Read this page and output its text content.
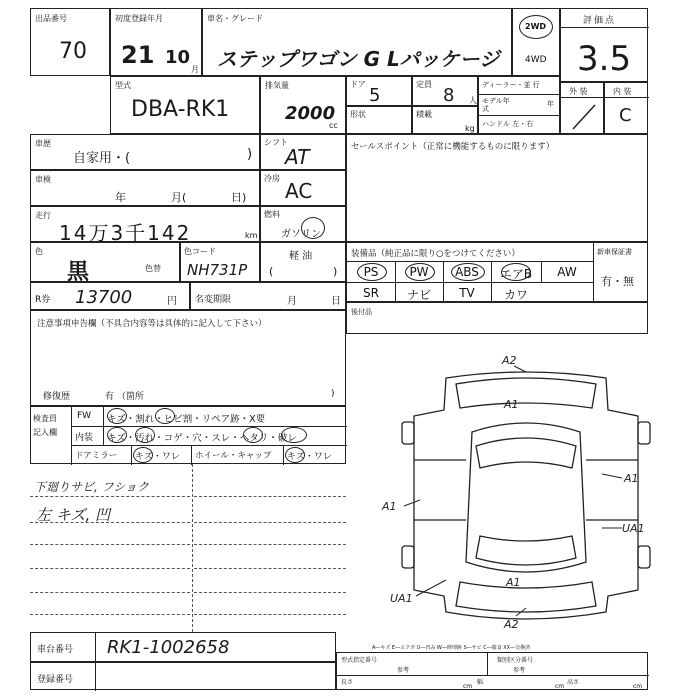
出品番号
70
初度登録年月
21 10
月
車名・グレード
ステップワゴン G Lパッケージ
2WD
4WD
評価点
3.5
型式
DBA-RK1
排気量
2000
cc
ドア
5
定員
8 人
形状	積載
kg
ディーラー・並 行
モデル年式
年
ハンドル 左・右
外 装	内 装
C
車歴
自家用・(	)
シフト
AT
車検
年	月(	日)
冷房
AC
走行
14万3千142	km
燃料
ガソリン
色
黒	色替
色コード
NH731P
軽 油
(	)
R券 13700	円 名変期限	月	日
注意事項申告欄（不具合内容等は具体的に記入して下さい）
修復歴	有 （箇所	)
セールスポイント（正常に機能するものに限ります）
装備品（純正品に限り○をつけてください）	新車保証書
有・無
PS	PW	ABS	エアB	AW
SR	ナビ	TV	カワ
後付品
検査員
記入欄
FW キズ・割れ・ヒビ割・リペア跡・X要
内装 キズ・汚れ・コゲ・穴・スレ・ヘタリ・破レ
ドアミラー キズ・ワレ ホイール・キャップ キズ・ワレ
下廻りサビ, フショク
左 キズ, 凹
A2
A1
A1
UA1
A1
UA1
A1
A2
車台番号 RK1-1002658
登録番号
A―キズ E―エクボ U―凹み W―修理跡 S―サビ C―腐食 XX―交換済
型式指定番号
参考
類別区分番号
参考
長さ
cm
幅
cm
高さ
cm
